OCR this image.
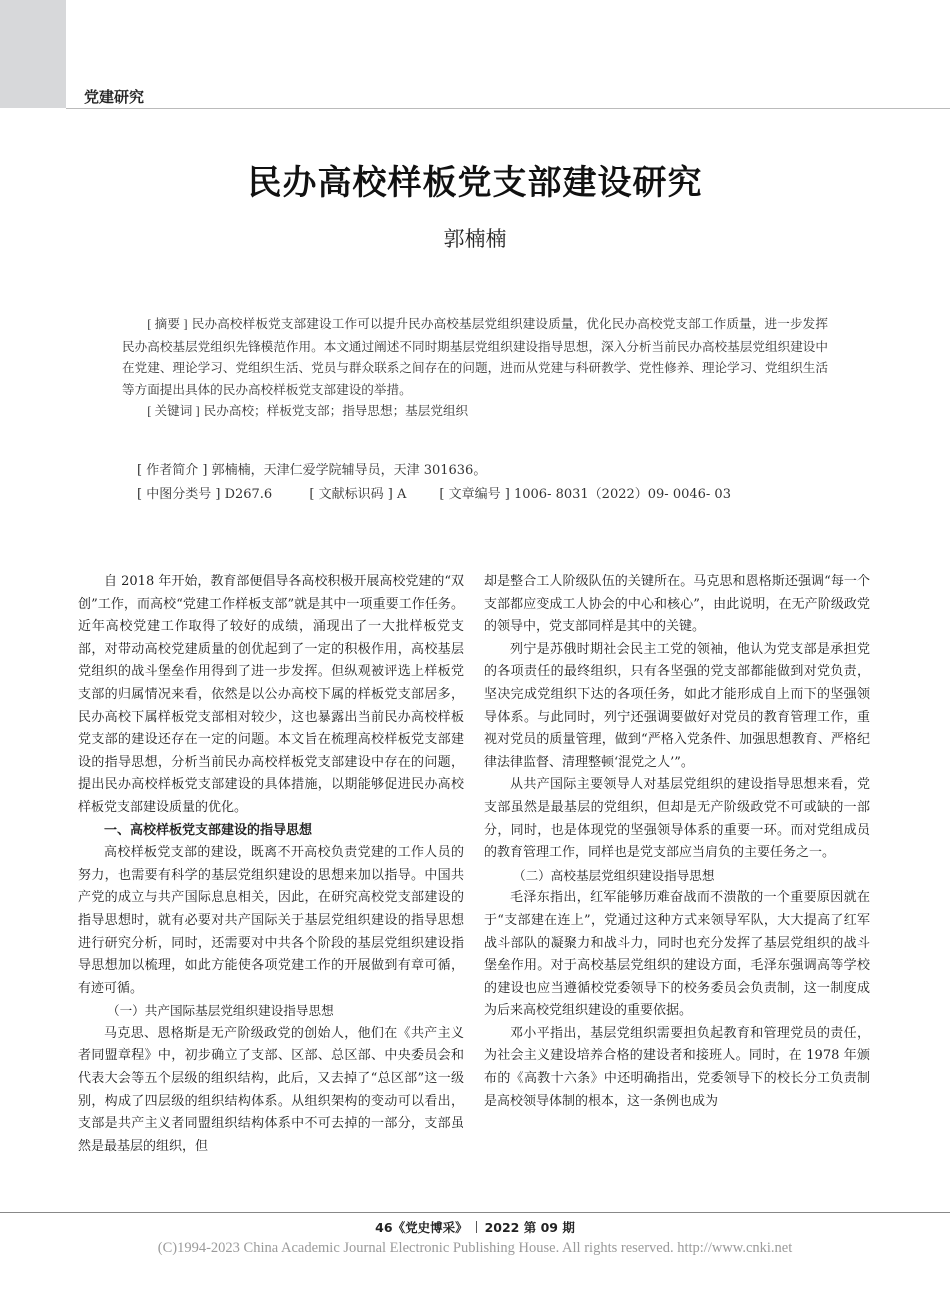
党建研究
民办高校样板党支部建设研究
郭楠楠
[ 摘要 ] 民办高校样板党支部建设工作可以提升民办高校基层党组织建设质量，优化民办高校党支部工作质量，进一步发挥民办高校基层党组织先锋模范作用。本文通过阐述不同时期基层党组织建设指导思想，深入分析当前民办高校基层党组织建设中在党建、理论学习、党组织生活、党员与群众联系之间存在的问题，进而从党建与科研教学、党性修养、理论学习、党组织生活等方面提出具体的民办高校样板党支部建设的举措。
[ 关键词 ] 民办高校；样板党支部；指导思想；基层党组织
[ 作者简介 ] 郭楠楠，天津仁爱学院辅导员，天津 301636。
[ 中图分类号 ] D267.6	[ 文献标识码 ] A	[ 文章编号 ] 1006- 8031（2022）09- 0046- 03

自 2018 年开始，教育部便倡导各高校积极开展高校党建的“双创”工作，而高校“党建工作样板支部”就是其中一项重要工作任务。近年高校党建工作取得了较好的成绩，涌现出了一大批样板党支部，对带动高校党建质量的创优起到了一定的积极作用，高校基层党组织的战斗堡垒作用得到了进一步发挥。但纵观被评选上样板党支部的归属情况来看，依然是以公办高校下属的样板党支部居多，民办高校下属样板党支部相对较少，这也暴露出当前民办高校样板党支部的建设还存在一定的问题。本文旨在梳理高校样板党支部建设的指导思想，分析当前民办高校样板党支部建设中存在的问题，提出民办高校样板党支部建设的具体措施，以期能够促进民办高校样板党支部建设质量的优化。

一、高校样板党支部建设的指导思想

高校样板党支部的建设，既离不开高校负责党建的工作人员的努力，也需要有科学的基层党组织建设的思想来加以指导。中国共产党的成立与共产国际息息相关，因此，在研究高校党支部建设的指导思想时，就有必要对共产国际关于基层党组织建设的指导思想进行研究分析，同时，还需要对中共各个阶段的基层党组织建设指导思想加以梳理，如此方能使各项党建工作的开展做到有章可循，有迹可循。

（一）共产国际基层党组织建设指导思想

马克思、恩格斯是无产阶级政党的创始人，他们在《共产主义者同盟章程》中，初步确立了支部、区部、总区部、中央委员会和代表大会等五个层级的组织结构，此后，又去掉了“总区部”这一级别，构成了四层级的组织结构体系。从组织架构的变动可以看出，支部是共产主义者同盟组织结构体系中不可去掉的一部分，支部虽然是最基层的组织，但

却是整合工人阶级队伍的关键所在。马克思和恩格斯还强调“每一个支部都应变成工人协会的中心和核心”，由此说明，在无产阶级政党的领导中，党支部同样是其中的关键。

列宁是苏俄时期社会民主工党的领袖，他认为党支部是承担党的各项责任的最终组织，只有各坚强的党支部都能做到对党负责，坚决完成党组织下达的各项任务，如此才能形成自上而下的坚强领导体系。与此同时，列宁还强调要做好对党员的教育管理工作，重视对党员的质量管理，做到“严格入党条件、加强思想教育、严格纪律法律监督、清理整顿‘混党之人’”。

从共产国际主要领导人对基层党组织的建设指导思想来看，党支部虽然是最基层的党组织，但却是无产阶级政党不可或缺的一部分，同时，也是体现党的坚强领导体系的重要一环。而对党组成员的教育管理工作，同样也是党支部应当肩负的主要任务之一。

（二）高校基层党组织建设指导思想

毛泽东指出，红军能够历难奋战而不溃散的一个重要原因就在于“支部建在连上”，党通过这种方式来领导军队，大大提高了红军战斗部队的凝聚力和战斗力，同时也充分发挥了基层党组织的战斗堡垒作用。对于高校基层党组织的建设方面，毛泽东强调高等学校的建设也应当遵循校党委领导下的校务委员会负责制，这一制度成为后来高校党组织建设的重要依据。

邓小平指出，基层党组织需要担负起教育和管理党员的责任，为社会主义建设培养合格的建设者和接班人。同时，在 1978 年颁布的《高教十六条》中还明确指出，党委领导下的校长分工负责制是高校领导体制的根本，这一条例也成为

46《党史博采》 2022 第 09 期
(C)1994-2023 China Academic Journal Electronic Publishing House. All rights reserved. http://www.cnki.net
